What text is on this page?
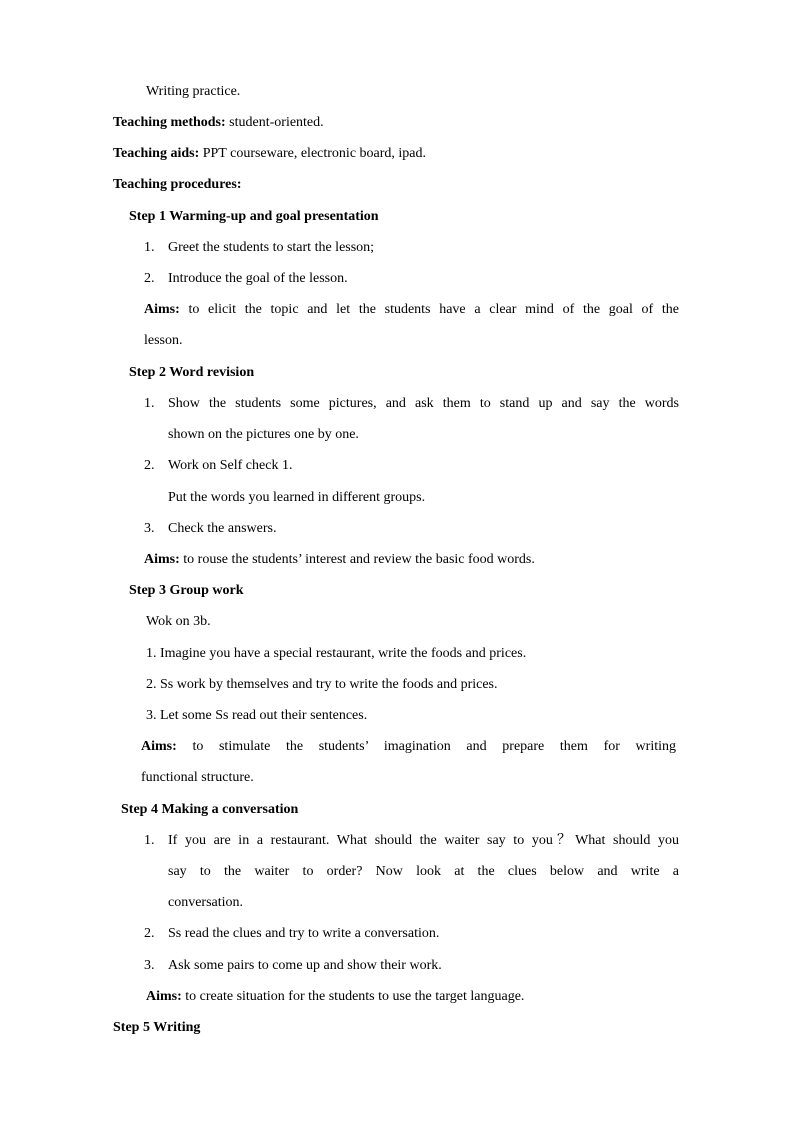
Writing practice.
Teaching methods: student-oriented.
Teaching aids: PPT courseware, electronic board, ipad.
Teaching procedures:
Step 1 Warming-up and goal presentation
1. Greet the students to start the lesson;
2. Introduce the goal of the lesson.
Aims: to elicit the topic and let the students have a clear mind of the goal of the
lesson.
Step 2 Word revision
1. Show the students some pictures, and ask them to stand up and say the words
shown on the pictures one by one.
2. Work on Self check 1.
Put the words you learned in different groups.
3. Check the answers.
Aims: to rouse the students’ interest and review the basic food words.
Step 3 Group work
Wok on 3b.
1. Imagine you have a special restaurant, write the foods and prices.
2. Ss work by themselves and try to write the foods and prices.
3. Let some Ss read out their sentences.
Aims: to stimulate the students’ imagination and prepare them for writing
functional structure.
Step 4 Making a conversation
1. If you are in a restaurant. What should the waiter say to you？What should you
say to the waiter to order? Now look at the clues below and write a
conversation.
2. Ss read the clues and try to write a conversation.
3. Ask some pairs to come up and show their work.
Aims: to create situation for the students to use the target language.
Step 5 Writing
